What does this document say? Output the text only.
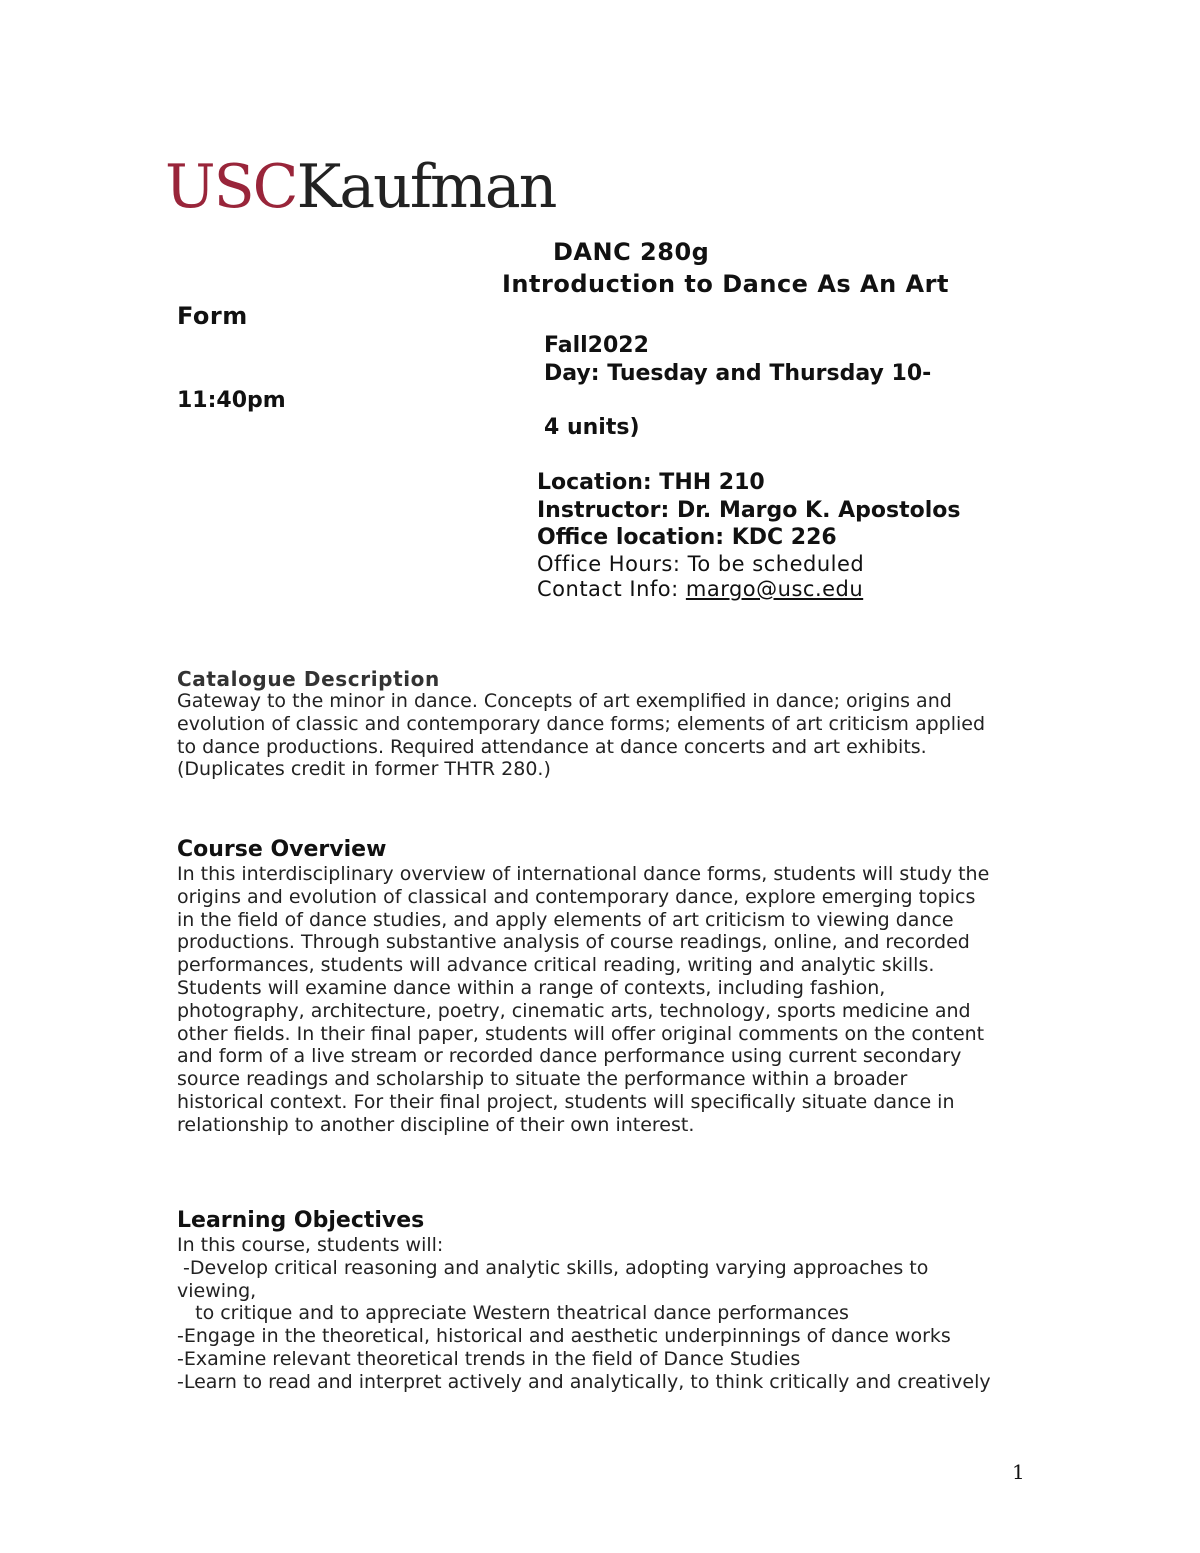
USCKaufman
DANC 280g
Introduction to Dance As An Art
Form
Fall2022
Day: Tuesday and Thursday 10-
11:40pm
4 units)
Location: THH 210
Instructor: Dr. Margo K. Apostolos
Office location: KDC 226
Office Hours: To be scheduled
Contact Info: margo@usc.edu
Catalogue Description
Gateway to the minor in dance. Concepts of art exemplified in dance; origins and
evolution of classic and contemporary dance forms; elements of art criticism applied
to dance productions. Required attendance at dance concerts and art exhibits.
(Duplicates credit in former THTR 280.)
Course Overview
In this interdisciplinary overview of international dance forms, students will study the
origins and evolution of classical and contemporary dance, explore emerging topics
in the field of dance studies, and apply elements of art criticism to viewing dance
productions. Through substantive analysis of course readings, online, and recorded
performances, students will advance critical reading, writing and analytic skills.
Students will examine dance within a range of contexts, including fashion,
photography, architecture, poetry, cinematic arts, technology, sports medicine and
other fields. In their final paper, students will offer original comments on the content
and form of a live stream or recorded dance performance using current secondary
source readings and scholarship to situate the performance within a broader
historical context. For their final project, students will specifically situate dance in
relationship to another discipline of their own interest.
Learning Objectives
In this course, students will:
-Develop critical reasoning and analytic skills, adopting varying approaches to
viewing,
to critique and to appreciate Western theatrical dance performances
-Engage in the theoretical, historical and aesthetic underpinnings of dance works
-Examine relevant theoretical trends in the field of Dance Studies
-Learn to read and interpret actively and analytically, to think critically and creatively
1
